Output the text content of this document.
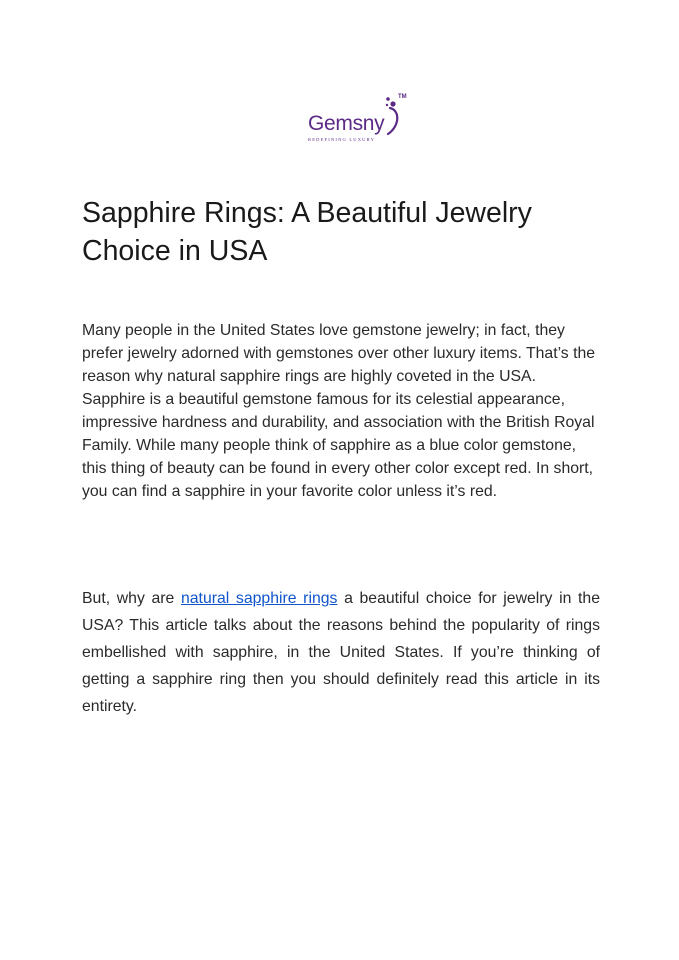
TM
Gemsny
REDEFINING LUXURY
Sapphire Rings: A Beautiful Jewelry Choice in USA

Many people in the United States love gemstone jewelry; in fact, they prefer jewelry adorned with gemstones over other luxury items. That’s the reason why natural sapphire rings are highly coveted in the USA. Sapphire is a beautiful gemstone famous for its celestial appearance, impressive hardness and durability, and association with the British Royal Family. While many people think of sapphire as a blue color gemstone, this thing of beauty can be found in every other color except red. In short, you can find a sapphire in your favorite color unless it’s red.

But, why are natural sapphire rings a beautiful choice for jewelry in the USA? This article talks about the reasons behind the popularity of rings embellished with sapphire, in the United States. If you’re thinking of getting a sapphire ring then you should definitely read this article in its entirety.
